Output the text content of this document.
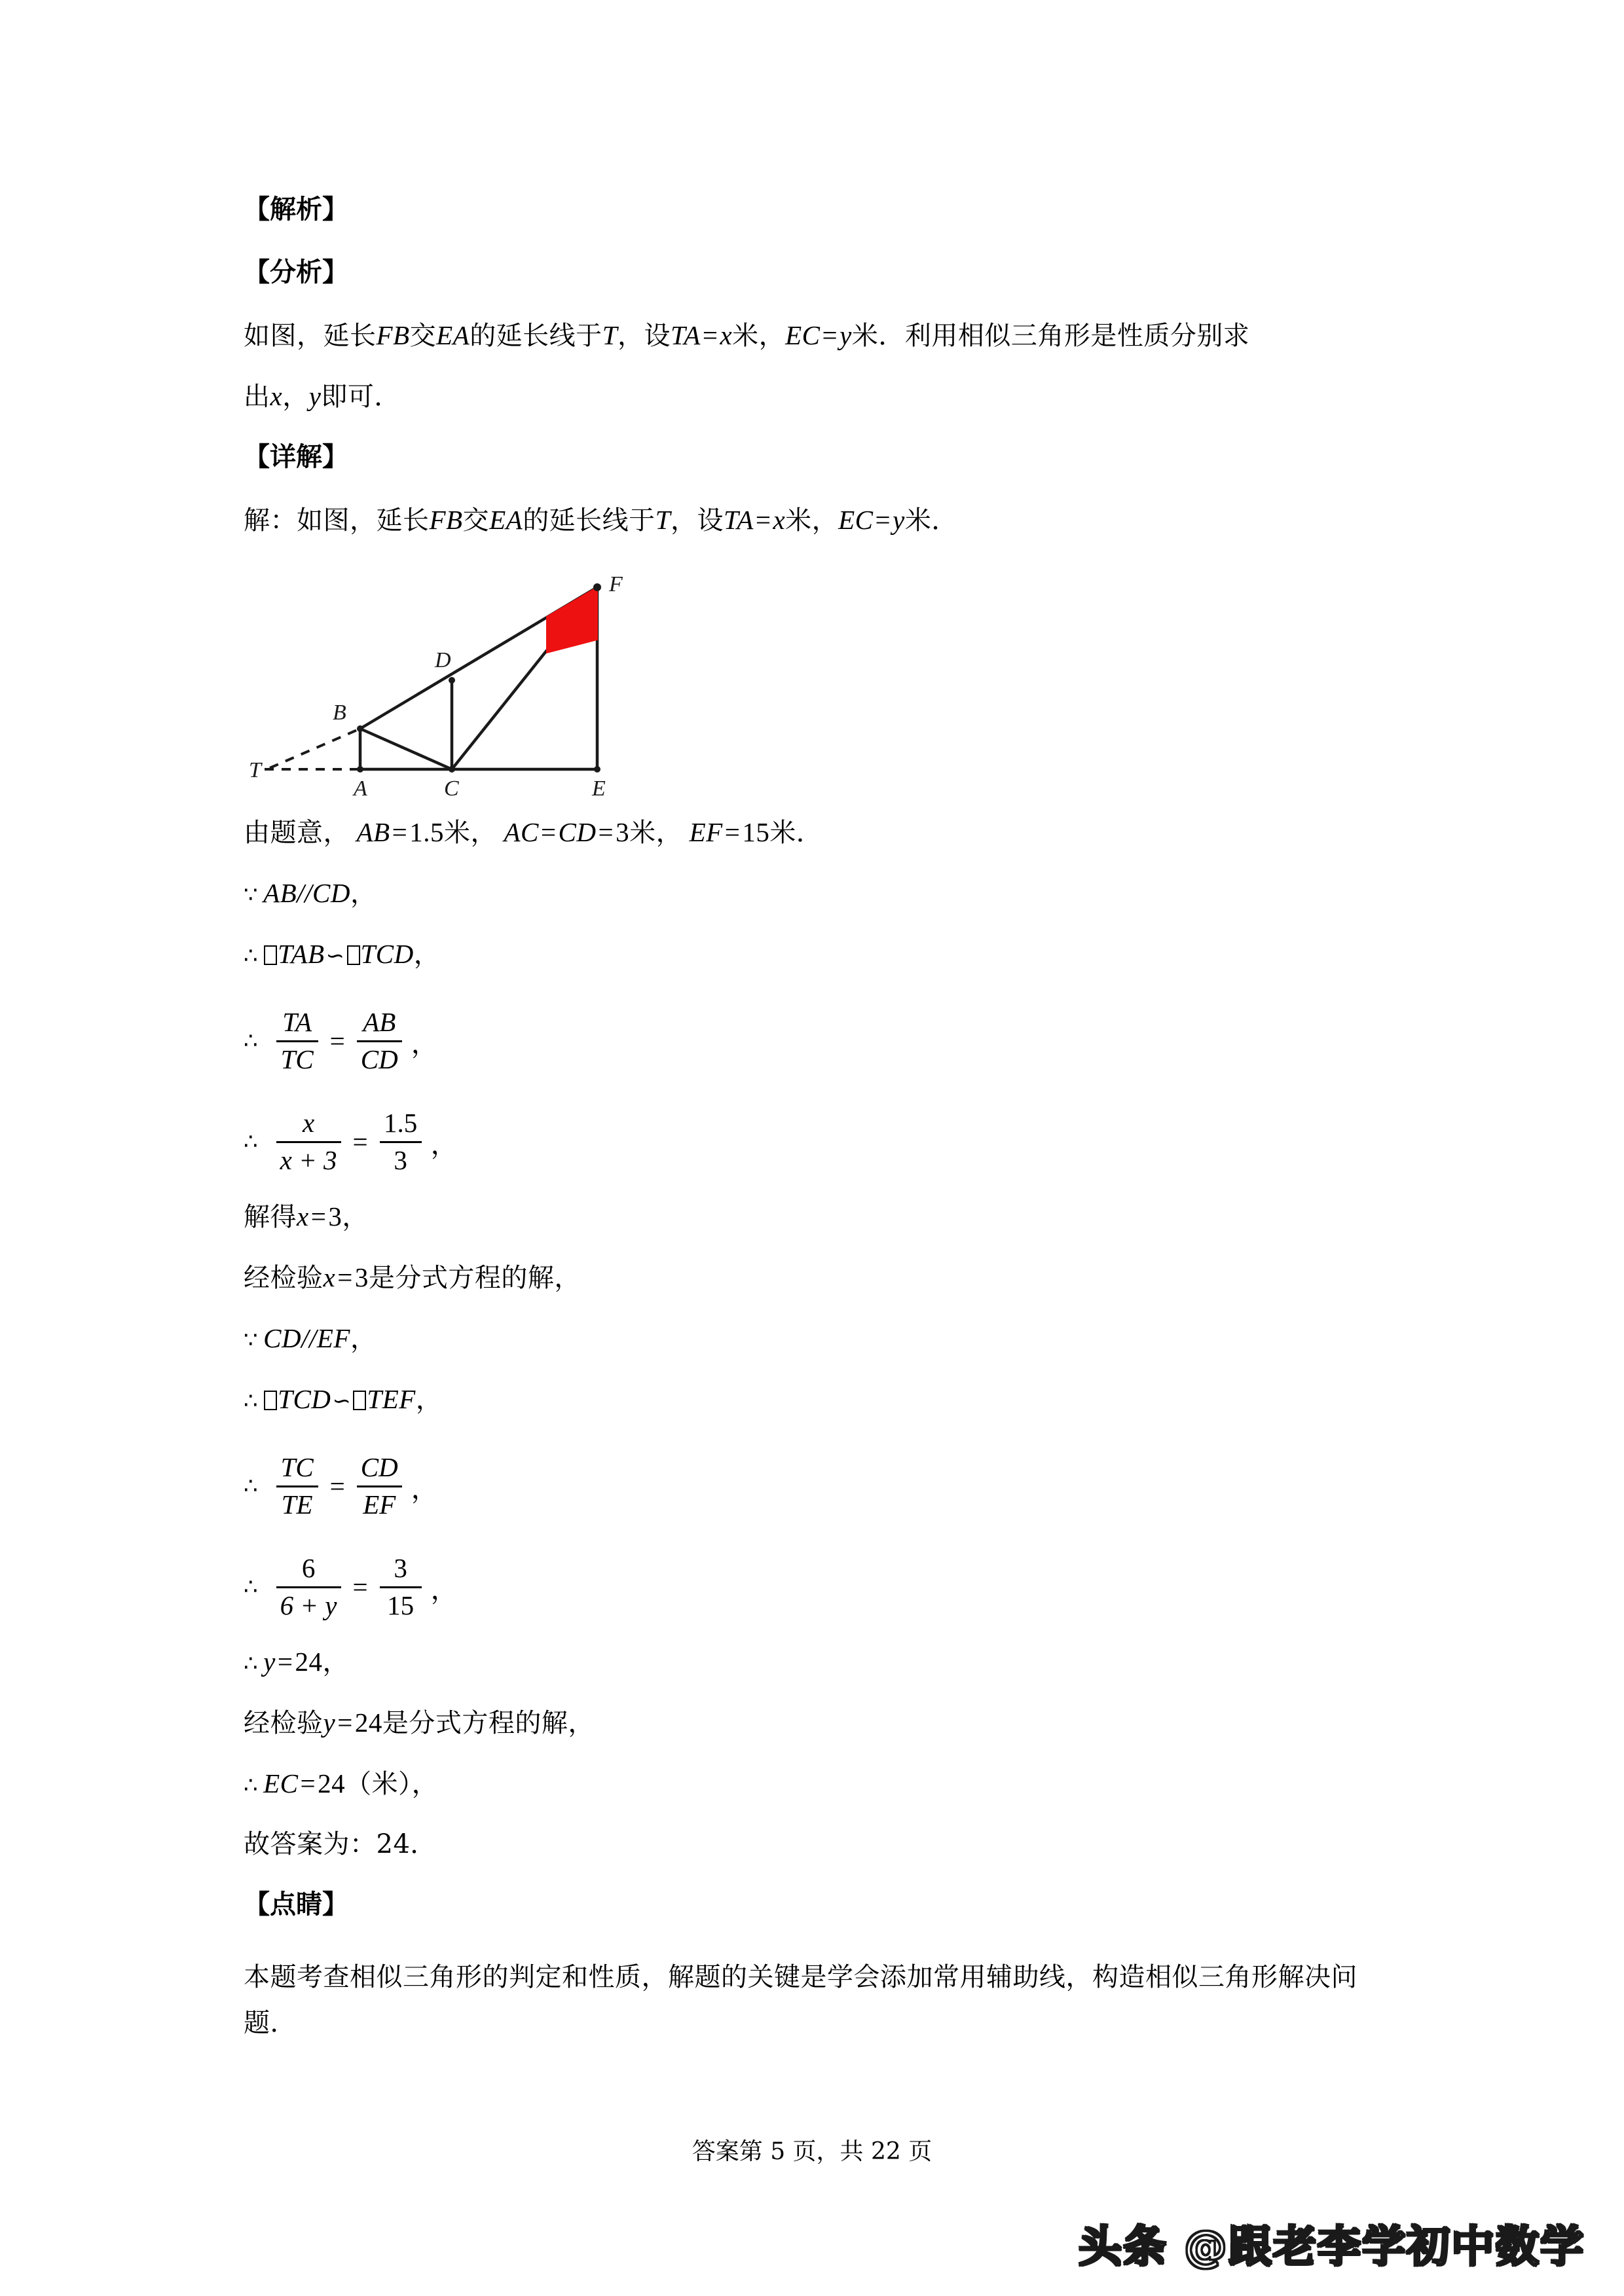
【解析】
【分析】
如图，延长FB交EA的延长线于T，设TA=x米，EC=y米．利用相似三角形是性质分别求
出x，y即可．
【详解】
解：如图，延长FB交EA的延长线于T，设TA=x米，EC=y米．
T
A
B
C
D
E
F
由题意， AB=1.5米， AC=CD=3米， EF=15米．
∵ AB//CD，
∴ TAB∽ TCD，
∴ $\frac{TA}{TC} = \frac{AB}{CD}$ ，
∴ $\frac{x}{x + 3} = \frac{1.5}{3}$ ，
解得x=3，
经检验x=3是分式方程的解，
∵ CD//EF，
∴ TCD∽ TEF，
∴ $\frac{TC}{TE} = \frac{CD}{EF}$ ，
∴ $\frac{6}{6 + y} = \frac{3}{15}$ ，
∴ y=24，
经检验y=24是分式方程的解，
∴ EC=24（米），
故答案为：24．
【点睛】
本题考查相似三角形的判定和性质，解题的关键是学会添加常用辅助线，构造相似三角形解决问题．
答案第 5 页，共 22 页
头条 @跟老李学初中数学
